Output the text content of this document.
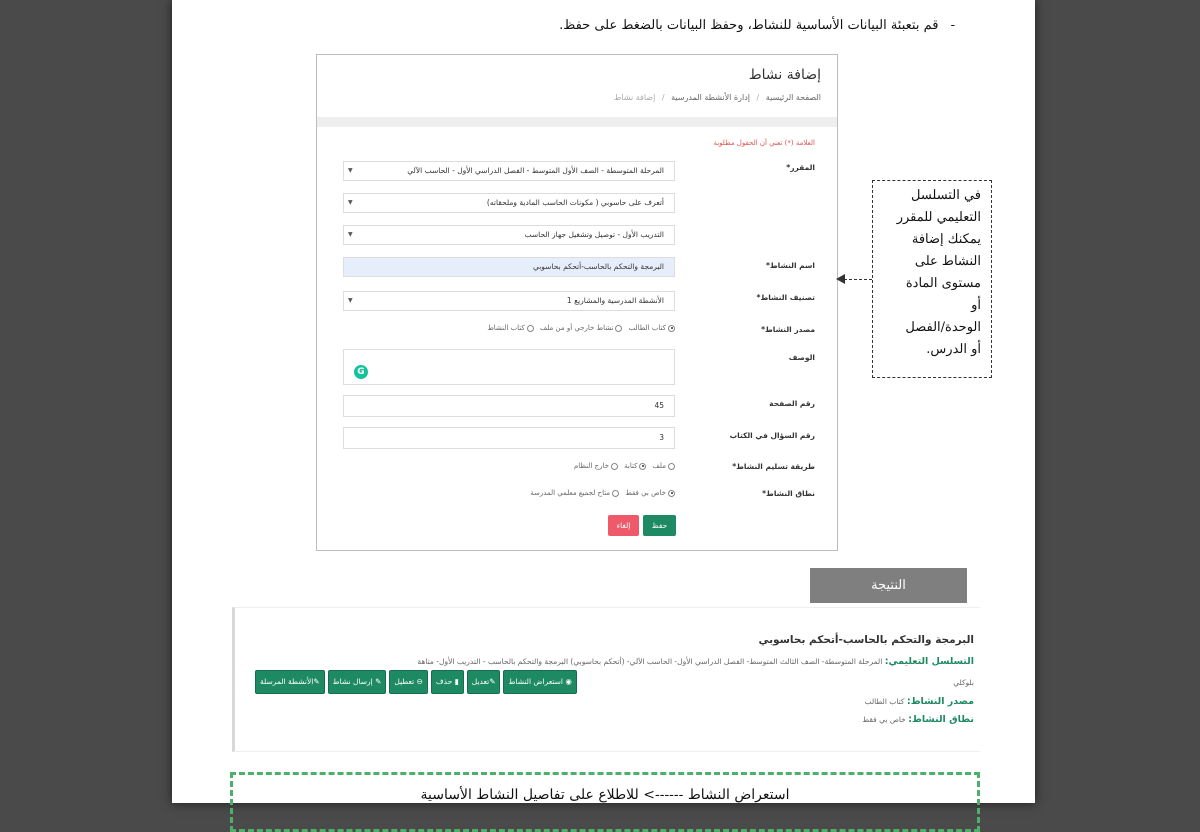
- قم بتعبئة البيانات الأساسية للنشاط، وحفظ البيانات بالضغط على حفظ.
إضافة نشاط
الصفحة الرئيسية / إدارة الأنشطة المدرسية / إضافة نشاط
العلامة (*) تعني أن الحقول مطلوبة
المقرر*
المرحلة المتوسطة - الصف الأول المتوسط - الفصل الدراسي الأول - الحاسب الآلي
▼
أتعرف على حاسوبي ( مكونات الحاسب المادية وملحقاته)
▼
التدريب الأول - توصيل وتشغيل جهاز الحاسب
▼
اسم النشاط*
البرمجة والتحكم بالحاسب-أتحكم بحاسوبي
تصنيف النشاط*
الأنشطة المدرسية والمشاريع 1
▼
مصدر النشاط*
كتاب الطالب نشاط خارجي أو من ملف كتاب النشاط
الوصف
G
رقم الصفحة
45
رقم السؤال في الكتاب
3
طريقة تسليم النشاط*
ملف كتابة خارج النظام
نطاق النشاط*
خاص بي فقط متاح لجميع معلمي المدرسة
حفظ
إلغاء
في التسلسل
التعليمي للمقرر
يمكنك إضافة
النشاط على
مستوى المادة
أو
الوحدة/الفصل
أو الدرس.
النتيجة
البرمجة والتحكم بالحاسب-أتحكم بحاسوبي
التسلسل التعليمي: المرحلة المتوسطة- الصف الثالث المتوسط- الفصل الدراسي الأول- الحاسب الآلي- (أتحكم بحاسوبي) البرمجة والتحكم بالحاسب - التدريب الأول- متاهة
بلوكلي
مصدر النشاط: كتاب الطالب
نطاق النشاط: خاص بي فقط
◉ استعراض النشاط
✎تعديل
▮ حذف
⊖ تعطيل
✎ إرسال نشاط
✎الأنشطة المرسلة
استعراض النشاط ------> للاطلاع على تفاصيل النشاط الأساسية
